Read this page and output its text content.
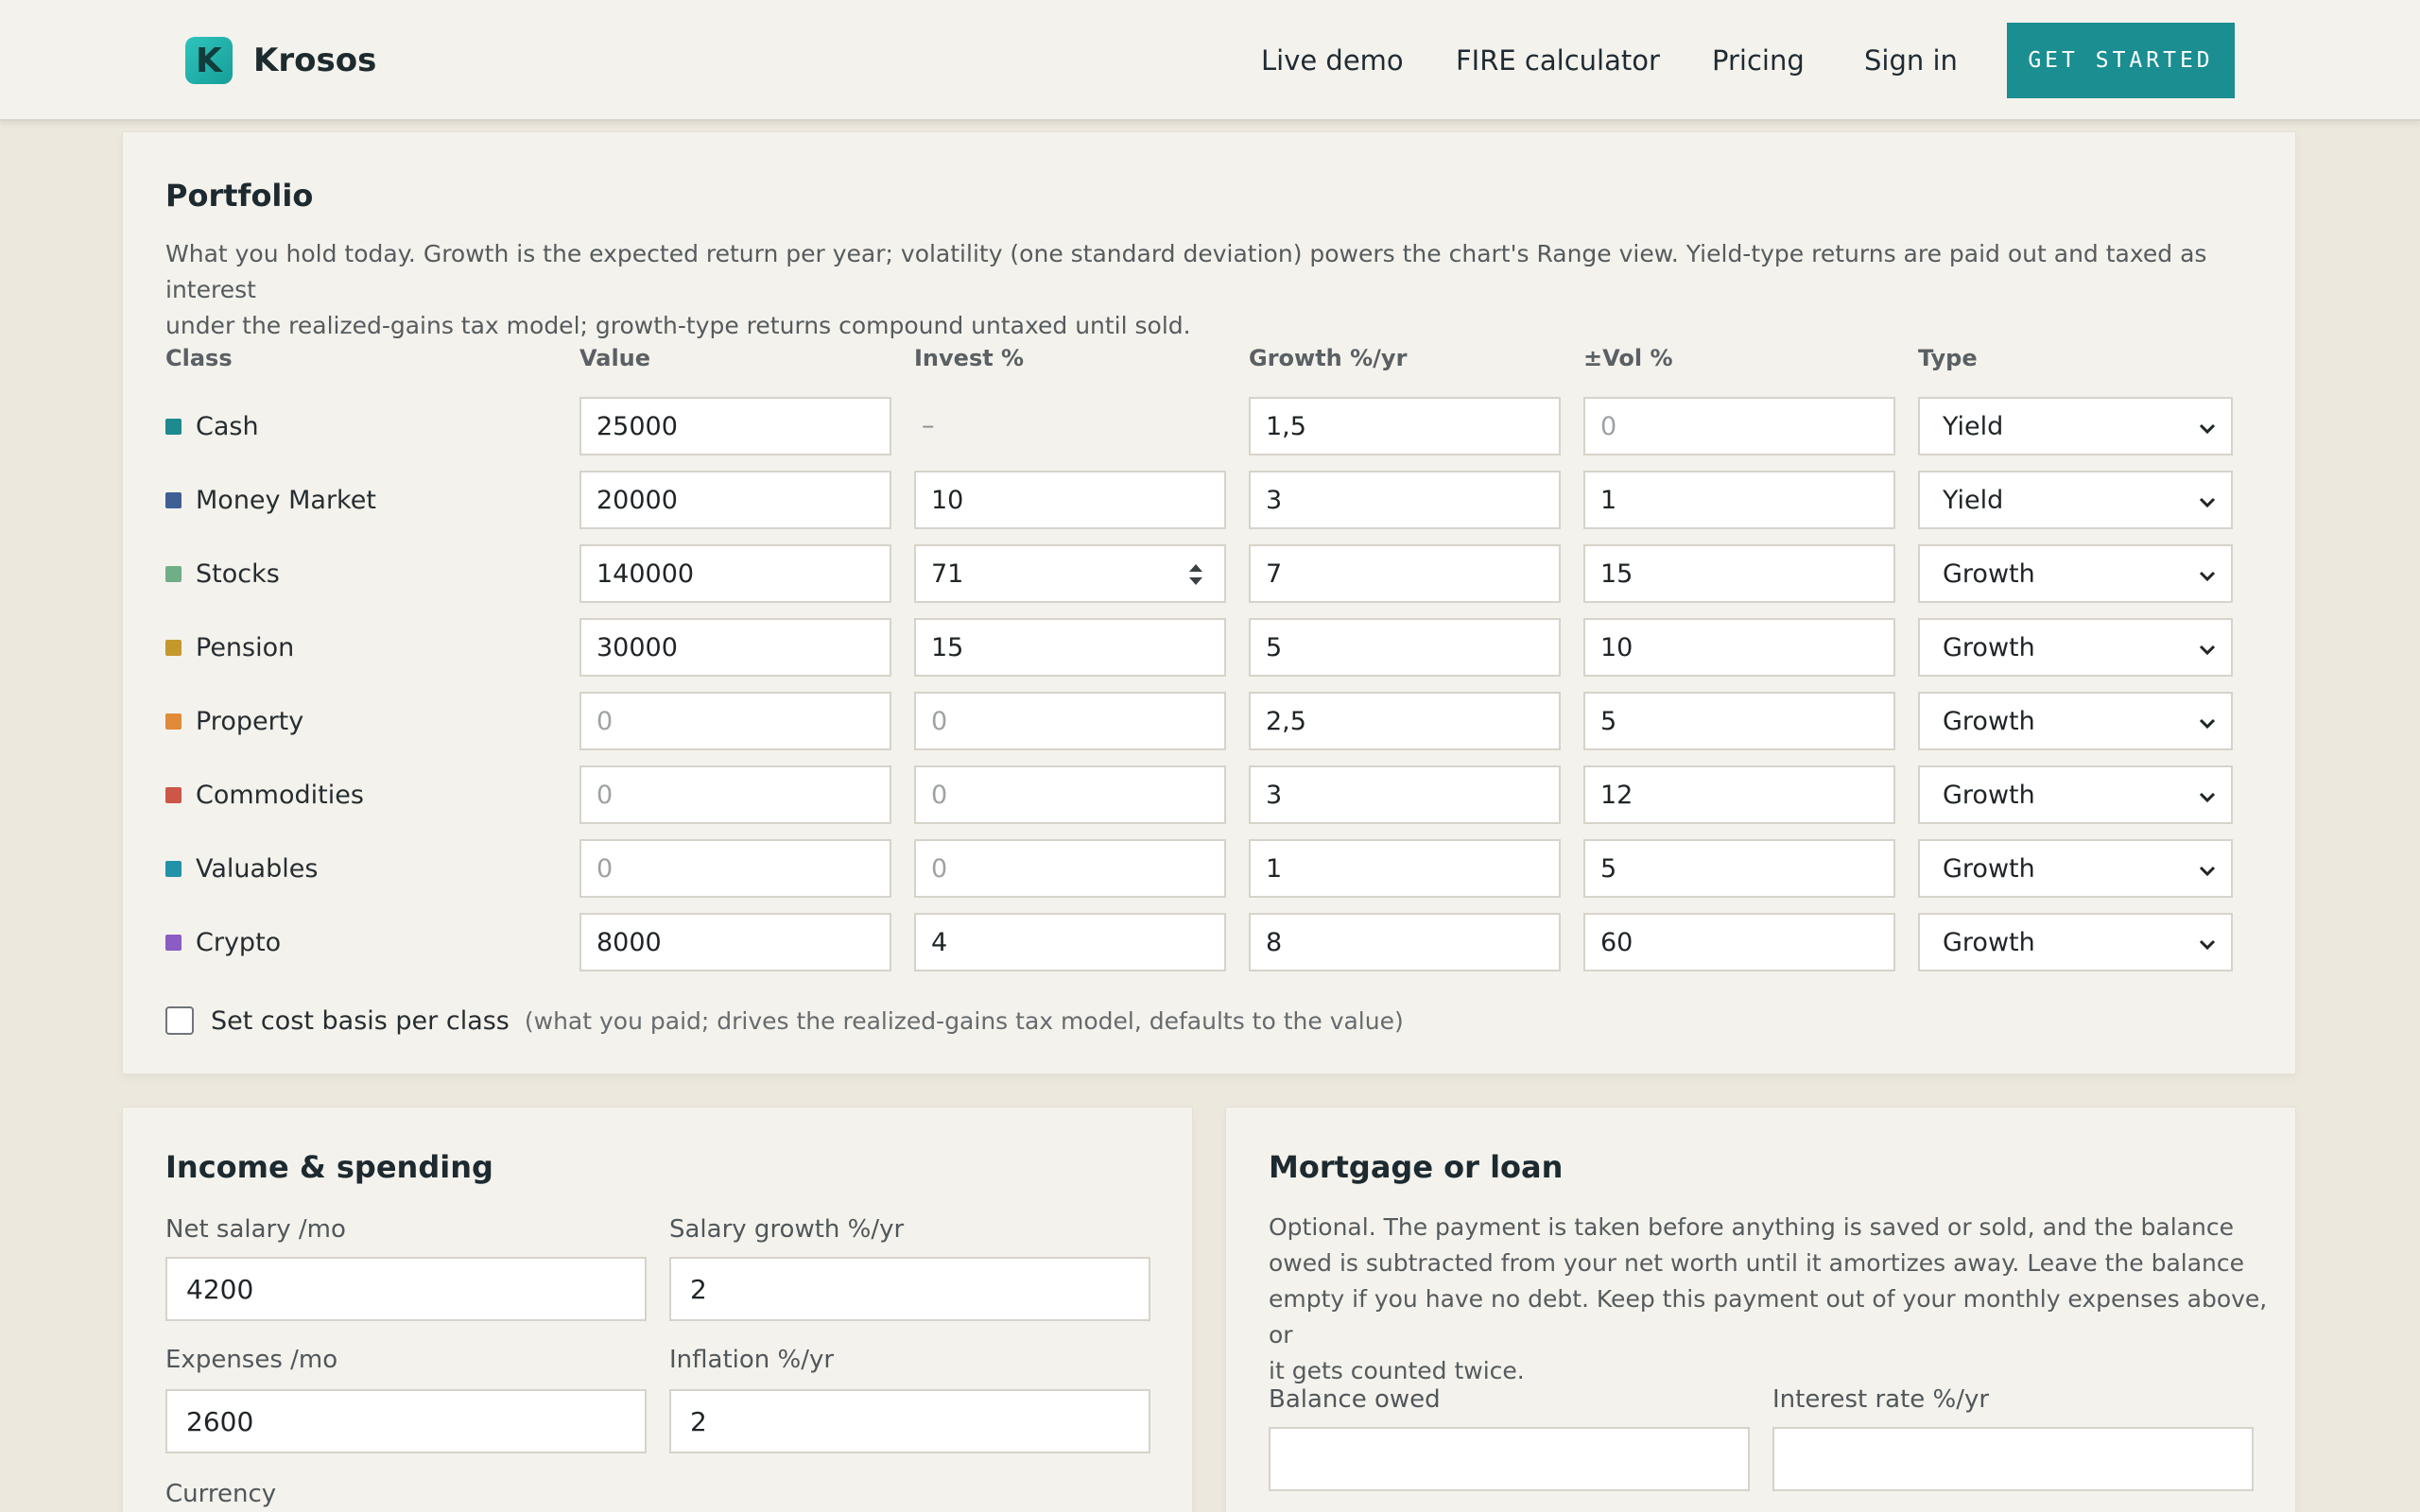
K Krosos	Live demo FIRE calculator Pricing Sign in	GET STARTED
Portfolio
What you hold today. Growth is the expected return per year; volatility (one standard deviation) powers the chart's Range view. Yield-type returns are paid out and taxed as interest
under the realized-gains tax model; growth-type returns compound untaxed until sold.
Class	Value	Invest %	Growth %/yr	±Vol %	Type
Cash	25000	–	1,5	0	Yield
Money Market	20000	10	3	1	Yield
Stocks	140000	71	7	15	Growth
Pension	30000	15	5	10	Growth
Property	0	0	2,5	5	Growth
Commodities	0	0	3	12	Growth
Valuables	0	0	1	5	Growth
Crypto	8000	4	8	60	Growth
Set cost basis per class (what you paid; drives the realized-gains tax model, defaults to the value)
Income & spending
Net salary /mo
4200
Salary growth %/yr
2
Expenses /mo
2600
Inflation %/yr
2
Currency
Mortgage or loan
Optional. The payment is taken before anything is saved or sold, and the balance
owed is subtracted from your net worth until it amortizes away. Leave the balance
empty if you have no debt. Keep this payment out of your monthly expenses above, or
it gets counted twice.
Balance owed	Interest rate %/yr
